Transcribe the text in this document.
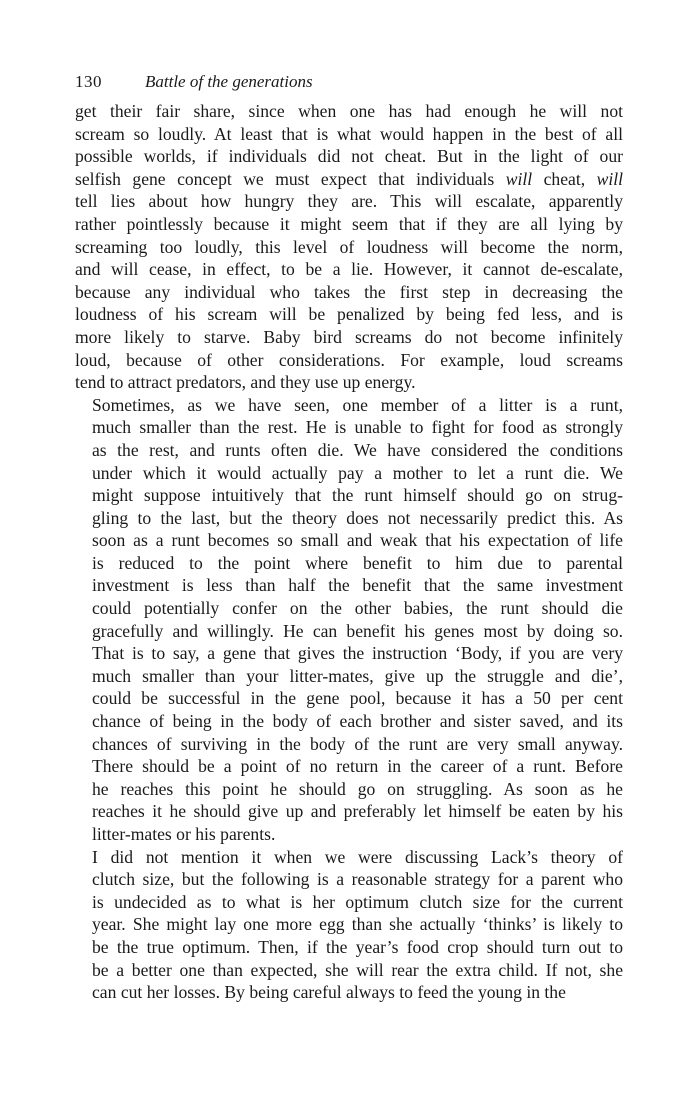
130	Battle of the generations

get their fair share, since when one has had enough he will not
scream so loudly. At least that is what would happen in the best of all
possible worlds, if individuals did not cheat. But in the light of our
selfish gene concept we must expect that individuals will cheat, will
tell lies about how hungry they are. This will escalate, apparently
rather pointlessly because it might seem that if they are all lying by
screaming too loudly, this level of loudness will become the norm,
and will cease, in effect, to be a lie. However, it cannot de-escalate,
because any individual who takes the first step in decreasing the
loudness of his scream will be penalized by being fed less, and is
more likely to starve. Baby bird screams do not become infinitely
loud, because of other considerations. For example, loud screams
tend to attract predators, and they use up energy.

Sometimes, as we have seen, one member of a litter is a runt,
much smaller than the rest. He is unable to fight for food as strongly
as the rest, and runts often die. We have considered the conditions
under which it would actually pay a mother to let a runt die. We
might suppose intuitively that the runt himself should go on strug-
gling to the last, but the theory does not necessarily predict this. As
soon as a runt becomes so small and weak that his expectation of life
is reduced to the point where benefit to him due to parental
investment is less than half the benefit that the same investment
could potentially confer on the other babies, the runt should die
gracefully and willingly. He can benefit his genes most by doing so.
That is to say, a gene that gives the instruction ‘Body, if you are very
much smaller than your litter-mates, give up the struggle and die’,
could be successful in the gene pool, because it has a 50 per cent
chance of being in the body of each brother and sister saved, and its
chances of surviving in the body of the runt are very small anyway.
There should be a point of no return in the career of a runt. Before
he reaches this point he should go on struggling. As soon as he
reaches it he should give up and preferably let himself be eaten by his
litter-mates or his parents.

I did not mention it when we were discussing Lack’s theory of
clutch size, but the following is a reasonable strategy for a parent who
is undecided as to what is her optimum clutch size for the current
year. She might lay one more egg than she actually ‘thinks’ is likely to
be the true optimum. Then, if the year’s food crop should turn out to
be a better one than expected, she will rear the extra child. If not, she
can cut her losses. By being careful always to feed the young in the
